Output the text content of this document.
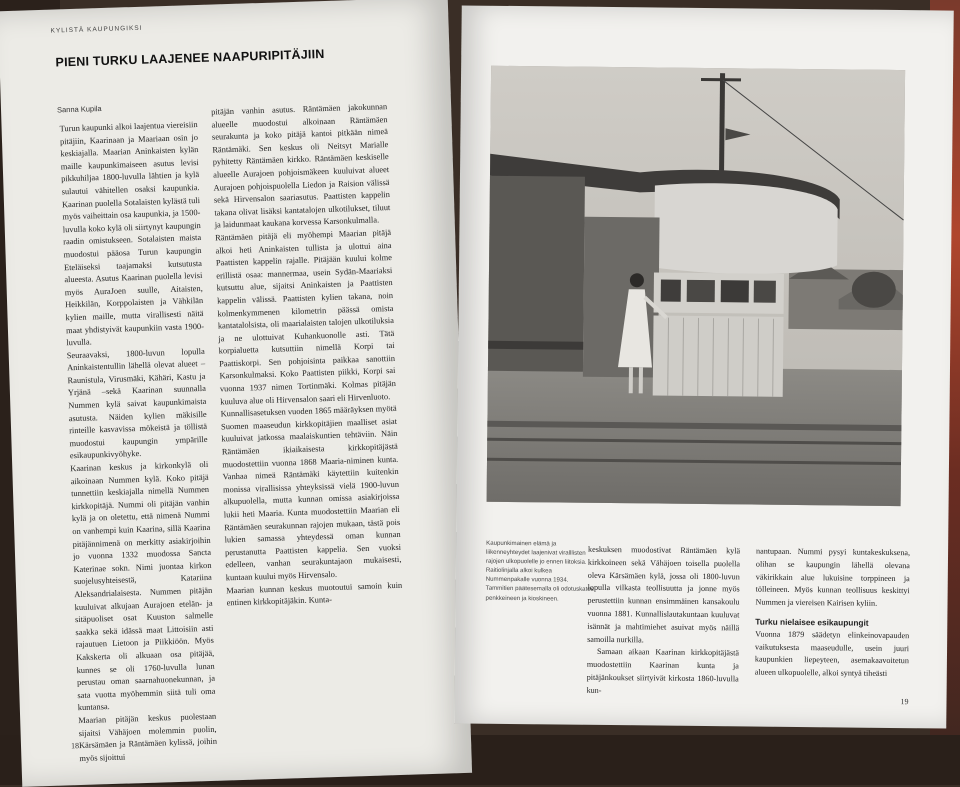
KYLISTÄ KAUPUNGIKSI
PIENI TURKU LAAJENEE NAAPURIPITÄJIIN
Sanna Kupila

Turun kaupunki alkoi laajentua viereisiin pitäjiin, Kaarinaan ja Maariaan osin jo keskiajalla. Maarian Aninkaisten kylän maille kaupunkimaiseen asutus levisi pikkuhiljaa 1800-luvulla lähtien ja kylä sulautui vähitellen osaksi kaupunkia. Kaarinan puolella Sotalaisten kylästä tuli myös vaiheittain osa kaupunkia, ja 1500-luvulla koko kylä oli siirtynyt kaupungin raadin omistukseen. Sotalaisten maista muodostui pääosa Turun kaupungin Eteläiseksi taajamaksi kutsutusta alueesta. Asutus Kaarinan puolella levisi myös AuraJoen suulle, Aitaisten, Heikkilän, Korppolaisten ja Vähkilän kylien maille, mutta virallisesti näitä maat yhdistyivät kaupunkiin vasta 1900-luvulla.

Seuraavaksi, 1800-luvun lopulla Aninkaistentullin lähellä olevat alueet – Raunistula, Virusmäki, Kähäri, Kastu ja Yrjänä –sekä Kaarinan suunnalla Nummen kylä saivat kaupunkimaista asutusta. Näiden kylien mäkisille rinteille kasvavissa mökeistä ja töllistä muodostui kaupungin ympärille esikaupunkivyöhyke.

Kaarinan keskus ja kirkonkylä oli aikoinaan Nummen kylä. Koko pitäjä tunnettiin keskiajalla nimellä Nummen kirkkopitäjä. Nummi oli pitäjän vanhin kylä ja on oletettu, että nimenä Nummi on vanhempi kuin Kaarina, sillä Kaarina pitäjännimenä on merkitty asiakirjoihin jo vuonna 1332 muodossa Sancta Katerinae sokn. Nimi juontaa kirkon suojelusyhteisestä, Katariina Aleksandrialaisesta. Nummen pitäjän kuuluivat alkujaan Aurajoen etelän- ja sitäpuoliset osat Kuuston salmelle saakka sekä idässä maat Littoisiin asti rajautuen Lietoon ja Piikkiöön. Myös Kakskerta oli alkuaan osa pitäjää, kunnes se oli 1760-luvulla lunan perustau oman saarnahuonekunnan, ja sata vuotta myöhemmin siitä tuli oma kuntansa.

Maarian pitäjän keskus puolestaan sijaitsi Vähäjoen molemmin puolin, Kärsämäen ja Räntämäen kylissä, joihin myös sijoittui

pitäjän vanhin asutus. Räntämäen jakokunnan alueelle muodostui alkoinaan Räntämäen seurakunta ja koko pitäjä kantoi pitkään nimeä Räntämäki. Sen keskus oli Neitsyt Marialle pyhitetty Räntämäen kirkko. Räntämäen keskiselle alueelle Aurajoen pohjoismäkeen kuuluivat alueet Aurajoen pohjoispuolella Liedon ja Raision välissä sekä Hirvensalon saariasutus. Paattisten kappelin takana olivat lisäksi kantatalojen ulkotilukset, tiluut ja laidunmaat kaukana korvessa Karsonkulmalla.

Räntämäen pitäjä eli myöhempi Maarian pitäjä alkoi heti Aninkaisten tullista ja ulottui aina Paattisten kappelin rajalle. Pitäjään kuului kolme erillistä osaa: mannermaa, usein Sydän-Maariaksi kutsuttu alue, sijaitsi Aninkaisten ja Paattisten kappelin välissä. Paattisten kylien takana, noin kolmenkymmenen kilometrin päässä omista kantatalolsista, oli maarialaisten talojen ulkotiluksia ja ne ulottuivat Kuhankuonolle asti. Tätä korpialuetta kutsuttiin nimellä Korpi tai Paattiskorpi. Sen pohjoisinta paikkaa sanottiin Karsonkulmaksi. Koko Paattisten piikki, Korpi sai vuonna 1937 nimen Tortinmäki. Kolmas pitäjän kuuluva alue oli Hirvensalon saari eli Hirvenluoto.

Kunnallisasetuksen vuoden 1865 määräyksen myötä Suomen maaseudun kirkkopitäjien maalliset asiat kuuluivat jatkossa maalaiskuntien tehtäviin. Näin Räntämäen ikiaikaisesta kirkkopitäjästä muodostettiin vuonna 1868 Maaria-niminen kunta. Vanhaa nimeä Räntämäki käytettiin kuitenkin monissa virallisissa yhteyksissä vielä 1900-luvun alkupuolella, mutta kunnan omissa asiakirjoissa lukii heti Maaria. Kunta muodostettiin Maarian eli Räntämäen seurakunnan rajojen mukaan, tästä pois lukien samassa yhteydessä oman kunnan perustanutta Paattisten kappelia. Sen vuoksi edelleen, vanhan seurakuntajaon mukaisesti, kuntaan kuului myös Hirvensalo.

Maarian kunnan keskus muotoutui samoin kuin entinen kirkkopitäjäkin. Kunta-

18
Kaupunkimainen elämä ja liikenneyhteydet laajenivat viralllisten rajojen ulkopuolelle jo ennen liitoksia. Raitiolinjalla alkoi kulkea Nummenpakalle vuonna 1934. Tammitien päätesemalla oli odotuskatos penkkeineen ja kioskineen.

keskuksen muodostivat Räntämäen kylä kirkkoineen sekä Vähäjoen toisella puolella oleva Kärsämäen kylä, jossa oli 1800-luvun lopulla vilkasta teollisuutta ja jonne myös perustettiin kunnan ensimmäinen kansakoulu vuonna 1881. Kunnallislautakuntaan kuuluvat isännät ja mahtimiehet asuivat myös näillä samoilla nurkilla.

Samaan aikaan Kaarinan kirkkopitäjästä muodostettiin Kaarinan kunta ja pitäjänkoukset siirtyivät kirkosta 1860-luvulla kun-

nantupaan. Nummi pysyi kuntakeskuksena, olihan se kaupungin lähellä olevana väkirikkain alue lukuisine torppineen ja tölleineen. Myös kunnan teollisuus keskittyi Nummen ja viereisen Kairisen kyliin.

Turku nielaisee esikaupungit

Vuonna 1879 säädetyn elinkeinovapauden vaikutuksesta maaseudulle, usein juuri kaupunkien liepeyteen, asemakaavoitetun alueen ulkopuolelle, alkoi syntyä tiheästi

19
